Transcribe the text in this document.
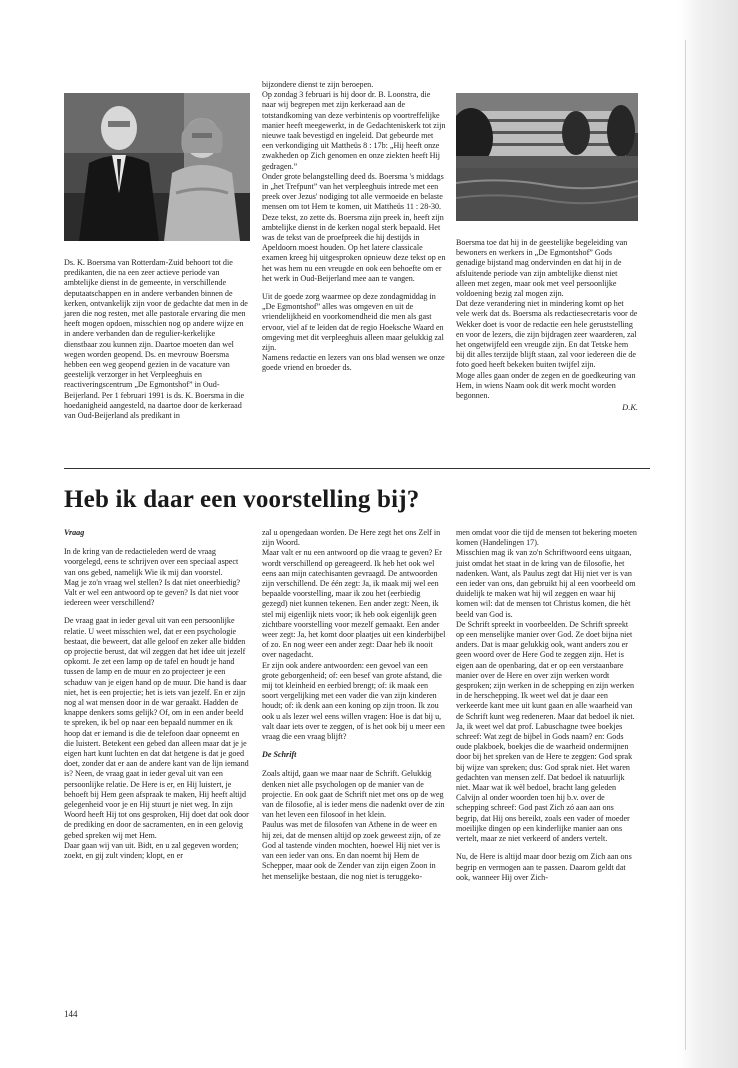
Ds. K. Boersma van Rotterdam-Zuid behoort tot die predikanten, die na een zeer actieve periode van ambtelijke dienst in de gemeente, in verschillende deputaatschappen en in andere verbanden binnen de kerken, ontvankelijk zijn voor de gedachte dat men in de jaren die nog resten, met alle pastorale ervaring die men heeft mogen opdoen, misschien nog op andere wijze en in andere verbanden dan de regulier-kerkelijke dienstbaar zou kunnen zijn. Daartoe moeten dan wel wegen worden geopend. Ds. en mevrouw Boersma hebben een weg geopend gezien in de vacature van geestelijk verzorger in het Verpleeghuis en reactiveringscentrum „De Egmontshof” in Oud-Beijerland. Per 1 februari 1991 is ds. K. Boersma in die hoedanigheid aangesteld, na daartoe door de kerkeraad van Oud-Beijerland als predikant in

bijzondere dienst te zijn beroepen.

Op zondag 3 februari is hij door dr. B. Loonstra, die naar wij begrepen met zijn kerkeraad aan de totstandkoming van deze verbintenis op voortreffelijke manier heeft meegewerkt, in de Gedachteniskerk tot zijn nieuwe taak bevestigd en ingeleid. Dat gebeurde met een verkondiging uit Mattheüs 8 : 17b: „Hij heeft onze zwakheden op Zich genomen en onze ziekten heeft Hij gedragen.”

Onder grote belangstelling deed ds. Boersma 's middags in „het Trefpunt” van het verpleeghuis intrede met een preek over Jezus' nodiging tot alle vermoeide en belaste mensen om tot Hem te komen, uit Mattheüs 11 : 28-30. Deze tekst, zo zette ds. Boersma zijn preek in, heeft zijn ambtelijke dienst in de kerken nogal sterk bepaald. Het was de tekst van de proefpreek die hij destijds in Apeldoorn moest houden. Op het latere classicale examen kreeg hij uitgesproken opnieuw deze tekst op en het was hem nu een vreugde en ook een behoefte om er het werk in Oud-Beijerland mee aan te vangen.

Uit de goede zorg waarmee op deze zondagmiddag in „De Egmontshof” alles was omgeven en uit de vriendelijkheid en voorkomendheid die men als gast ervoor, viel af te leiden dat de regio Hoeksche Waard en omgeving met dit verpleeghuis alleen maar gelukkig zal zijn.

Namens redactie en lezers van ons blad wensen we onze goede vriend en broeder ds.

Boersma toe dat hij in de geestelijke begeleiding van bewoners en werkers in „De Egmontshof” Gods genadige bijstand mag ondervinden en dat hij in de afsluitende periode van zijn ambtelijke dienst niet alleen met zegen, maar ook met veel persoonlijke voldoening bezig zal mogen zijn.

Dat deze verandering niet in mindering komt op het vele werk dat ds. Boersma als redactiesecretaris voor de Wekker doet is voor de redactie een hele geruststelling en voor de lezers, die zijn bijdragen zeer waarderen, zal het ongetwijfeld een vreugde zijn. En dat Tetske hem bij dit alles terzijde blijft staan, zal voor iedereen die de foto goed heeft bekeken buiten twijfel zijn.

Moge alles gaan onder de zegen en de goedkeuring van Hem, in wiens Naam ook dit werk mocht worden begonnen.

D.K.
Heb ik daar een voorstelling bij?

Vraag

In de kring van de redactieleden werd de vraag voorgelegd, eens te schrijven over een speciaal aspect van ons gebed, namelijk Wie ik mij dan voorstel.

Mag je zo'n vraag wel stellen? Is dat niet oneerbiedig? Valt er wel een antwoord op te geven? Is dat niet voor iedereen weer verschillend?

De vraag gaat in ieder geval uit van een persoonlijke relatie. U weet misschien wel, dat er een psychologie bestaat, die beweert, dat alle geloof en zeker alle bidden op projectie berust, dat wil zeggen dat het idee uit jezelf opkomt. Je zet een lamp op de tafel en houdt je hand tussen de lamp en de muur en zo projecteer je een schaduw van je eigen hand op de muur. Die hand is daar niet, het is een projectie; het is iets van jezelf. En er zijn nog al wat mensen door in de war geraakt. Hadden de knappe denkers soms gelijk? Of, om in een ander beeld te spreken, ik bel op naar een bepaald nummer en ik hoop dat er iemand is die de telefoon daar opneemt en die luistert. Betekent een gebed dan alleen maar dat je je eigen hart kunt luchten en dat dat hetgene is dat je goed doet, zonder dat er aan de andere kant van de lijn iemand is? Neen, de vraag gaat in ieder geval uit van een persoonlijke relatie. De Here is er, en Hij luistert, je behoeft bij Hem geen afspraak te maken, Hij heeft altijd gelegenheid voor je en Hij stuurt je niet weg. In zijn Woord heeft Hij tot ons gesproken, Hij doet dat ook door de prediking en door de sacramenten, en in een gelovig gebed spreken wij met Hem.

Daar gaan wij van uit. Bidt, en u zal gegeven worden; zoekt, en gij zult vinden; klopt, en er

zal u opengedaan worden. De Here zegt het ons Zelf in zijn Woord.

Maar valt er nu een antwoord op die vraag te geven? Er wordt verschillend op gereageerd. Ik heb het ook wel eens aan mijn catechisanten gevraagd. De antwoorden zijn verschillend. De één zegt: Ja, ik maak mij wel een bepaalde voorstelling, maar ik zou het (eerbiedig gezegd) niet kunnen tekenen. Een ander zegt: Neen, ik stel mij eigenlijk niets voor; ik heb ook eigenlijk geen zichtbare voorstelling voor mezelf gemaakt. Een ander weer zegt: Ja, het komt door plaatjes uit een kinderbijbel of zo. En nog weer een ander zegt: Daar heb ik nooit over nagedacht.

Er zijn ook andere antwoorden: een gevoel van een grote geborgenheid; of: een besef van grote afstand, die mij tot kleinheid en eerbied brengt; of: ik maak een soort vergelijking met een vader die van zijn kinderen houdt; of: ik denk aan een koning op zijn troon. Ik zou ook u als lezer wel eens willen vragen: Hoe is dat bij u, valt daar iets over te zeggen, of is het ook bij u meer een vraag die een vraag blijft?

De Schrift

Zoals altijd, gaan we maar naar de Schrift. Gelukkig denken niet alle psychologen op de manier van de projectie. En ook gaat de Schrift niet met ons op de weg van de filosofie, al is ieder mens die nadenkt over de zin van het leven een filosoof in het klein.

Paulus was met de filosofen van Athene in de weer en hij zei, dat de mensen altijd op zoek geweest zijn, of ze God al tastende vinden mochten, hoewel Hij niet ver is van een ieder van ons. En dan noemt hij Hem de Schepper, maar ook de Zender van zijn eigen Zoon in het menselijke bestaan, die nog niet is teruggeko-

men omdat voor die tijd de mensen tot bekering moeten komen (Handelingen 17).

Misschien mag ik van zo'n Schriftwoord eens uitgaan, juist omdat het staat in de kring van de filosofie, het nadenken. Want, als Paulus zegt dat Hij niet ver is van een ieder van ons, dan gebruikt hij al een voorbeeld om duidelijk te maken wat hij wil zeggen en waar hij komen wil: dat de mensen tot Christus komen, die hèt beeld van God is.

De Schrift spreekt in voorbeelden. De Schrift spreekt op een menselijke manier over God. Ze doet bijna niet anders. Dat is maar gelukkig ook, want anders zou er geen woord over de Here God te zeggen zijn. Het is eigen aan de openbaring, dat er op een verstaanbare manier over de Here en over zijn werken wordt gesproken; zijn werken in de schepping en zijn werken in de herschepping. Ik weet wel dat je daar een verkeerde kant mee uit kunt gaan en alle waarheid van de Schrift kunt weg redeneren. Maar dat bedoel ik niet. Ja, ik weet wel dat prof. Labuschagne twee boekjes schreef: Wat zegt de bijbel in Gods naam? en: Gods oude plakboek, boekjes die de waarheid ondermijnen door bij het spreken van de Here te zeggen: God sprak bij wijze van spreken; dus: God sprak niet. Het waren gedachten van mensen zelf. Dat bedoel ik natuurlijk niet. Maar wat ik wèl bedoel, bracht lang geleden Calvijn al onder woorden toen hij b.v. over de schepping schreef: God past Zich zó aan aan ons begrip, dat Hij ons bereikt, zoals een vader of moeder moeilijke dingen op een kinderlijke manier aan ons vertelt, maar ze niet verkeerd of anders vertelt.

Nu, de Here is altijd maar door bezig om Zich aan ons begrip en vermogen aan te passen. Daarom geldt dat ook, wanneer Hij over Zich-

144
